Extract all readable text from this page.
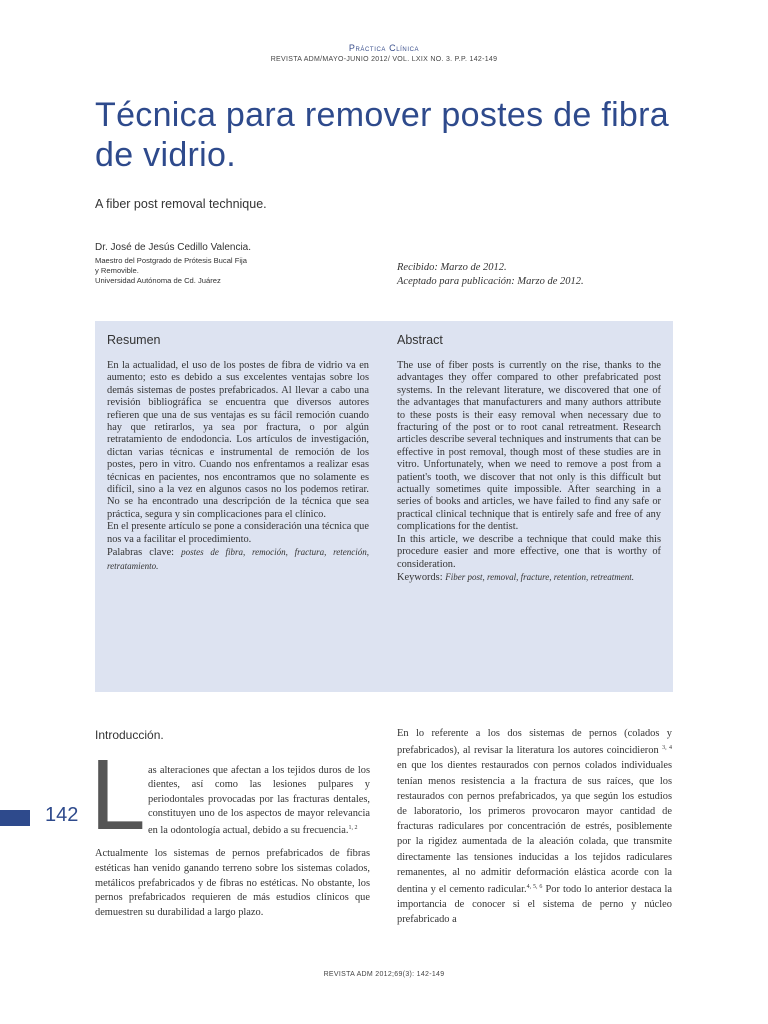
Práctica Clínica
REVISTA ADM/MAYO-JUNIO 2012/ VOL. LXIX NO. 3. P.P. 142-149
Técnica para remover postes de fibra de vidrio.
A fiber post removal technique.
Dr. José de Jesús Cedillo Valencia.
Maestro del Postgrado de Prótesis Bucal Fija
y Removible.
Universidad Autónoma de Cd. Juárez
Recibido: Marzo de 2012.
Aceptado para publicación: Marzo de 2012.
Resumen

En la actualidad, el uso de los postes de fibra de vidrio va en aumento; esto es debido a sus excelentes ventajas sobre los demás sistemas de postes prefabricados. Al llevar a cabo una revisión bibliográfica se encuentra que diversos autores refieren que una de sus ventajas es su fácil remoción cuando hay que retirarlos, ya sea por fractura, o por algún retratamiento de endodoncia. Los artículos de investigación, dictan varias técnicas e instrumental de remoción de los postes, pero in vitro. Cuando nos enfrentamos a realizar esas técnicas en pacientes, nos encontramos que no solamente es difícil, sino a la vez en algunos casos no los podemos retirar. No se ha encontrado una descripción de la técnica que sea práctica, segura y sin complicaciones para el clínico.

En el presente artículo se pone a consideración una técnica que nos va a facilitar el procedimiento.

Palabras clave: postes de fibra, remoción, fractura, retención, retratamiento.

Abstract

The use of fiber posts is currently on the rise, thanks to the advantages they offer compared to other prefabricated post systems. In the relevant literature, we discovered that one of the advantages that manufacturers and many authors attribute to these posts is their easy removal when necessary due to fracturing of the post or to root canal retreatment. Research articles describe several techniques and instruments that can be effective in post removal, though most of these studies are in vitro. Unfortunately, when we need to remove a post from a patient's tooth, we discover that not only is this difficult but actually sometimes quite impossible. After searching in a series of books and articles, we have failed to find any safe or practical clinical technique that is entirely safe and free of any complications for the dentist.

In this article, we describe a technique that could make this procedure easier and more effective, one that is worthy of consideration.

Keywords: Fiber post, removal, fracture, retention, retreatment.

Introducción.
L as alteraciones que afectan a los tejidos duros de los dientes, así como las lesiones pulpares y periodontales provocadas por las fracturas dentales, constituyen uno de los aspectos de mayor relevancia en la odontología actual, debido a su frecuencia.$^{1, 2}$

Actualmente los sistemas de pernos prefabricados de fibras estéticas han venido ganando terreno sobre los sistemas colados, metálicos prefabricados y de fibras no estéticas. No obstante, los pernos prefabricados requieren de más estudios clínicos que demuestren su durabilidad a largo plazo.

En lo referente a los dos sistemas de pernos (colados y prefabricados), al revisar la literatura los autores coincidieron $^{3, 4}$ en que los dientes restaurados con pernos colados individuales tenían menos resistencia a la fractura de sus raíces, que los restaurados con pernos prefabricados, ya que según los estudios de laboratorio, los primeros provocaron mayor cantidad de fracturas radiculares por concentración de estrés, posiblemente por la rigidez aumentada de la aleación colada, que transmite directamente las tensiones inducidas a los tejidos radiculares remanentes, al no admitir deformación elástica acorde con la dentina y el cemento radicular.$^{4, 5, 6}$ Por todo lo anterior destaca la importancia de conocer si el sistema de perno y núcleo prefabricado a

142
REVISTA ADM 2012;69(3): 142-149
